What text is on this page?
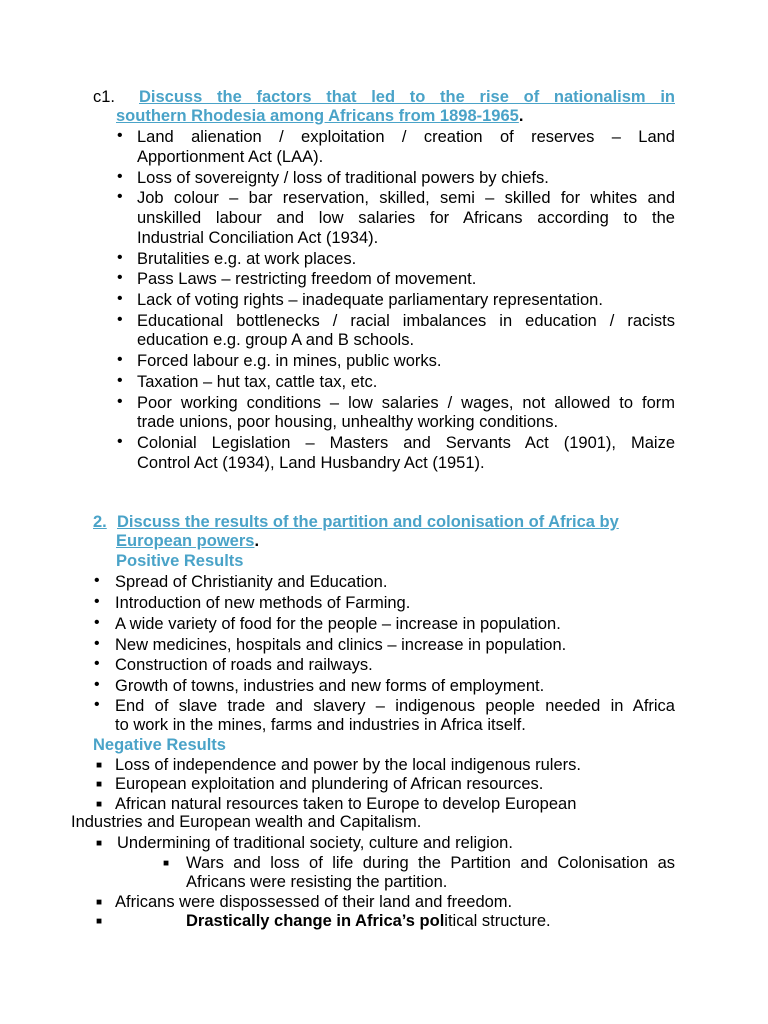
c1. Discuss the factors that led to the rise of nationalism in
southern Rhodesia among Africans from 1898-1965.
• Land alienation / exploitation / creation of reserves – Land
Apportionment Act (LAA).
• Loss of sovereignty / loss of traditional powers by chiefs.
• Job colour – bar reservation, skilled, semi – skilled for whites and
unskilled labour and low salaries for Africans according to the
Industrial Conciliation Act (1934).
• Brutalities e.g. at work places.
• Pass Laws – restricting freedom of movement.
• Lack of voting rights – inadequate parliamentary representation.
• Educational bottlenecks / racial imbalances in education / racists
education e.g. group A and B schools.
• Forced labour e.g. in mines, public works.
• Taxation – hut tax, cattle tax, etc.
• Poor working conditions – low salaries / wages, not allowed to form
trade unions, poor housing, unhealthy working conditions.
• Colonial Legislation – Masters and Servants Act (1901), Maize
Control Act (1934), Land Husbandry Act (1951).
2. Discuss the results of the partition and colonisation of Africa by
European powers.
Positive Results
• Spread of Christianity and Education.
• Introduction of new methods of Farming.
• A wide variety of food for the people – increase in population.
• New medicines, hospitals and clinics – increase in population.
• Construction of roads and railways.
• Growth of towns, industries and new forms of employment.
• End of slave trade and slavery – indigenous people needed in Africa
to work in the mines, farms and industries in Africa itself.
Negative Results
■ Loss of independence and power by the local indigenous rulers.
■ European exploitation and plundering of African resources.
■ African natural resources taken to Europe to develop European
Industries and European wealth and Capitalism.
■ Undermining of traditional society, culture and religion.
■ Wars and loss of life during the Partition and Colonisation as
Africans were resisting the partition.
■ Africans were dispossessed of their land and freedom.
■	Drastically change in Africa’s political structure.
